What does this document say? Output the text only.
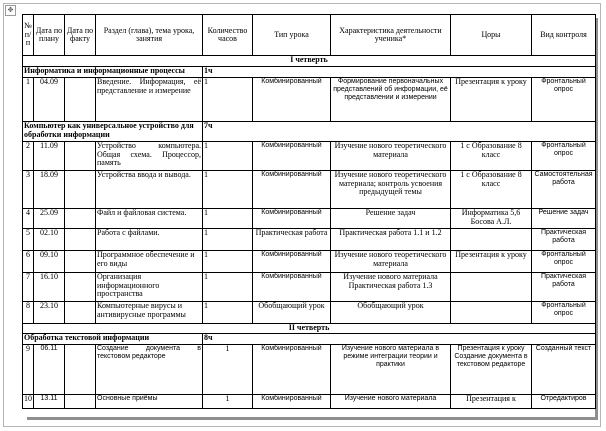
✥
№ п/п	Дата по плану	Дата по факту	Раздел (глава), тема урока, занятия	Количество часов	Тип урока	Характеристика деятельности ученика*	Цоры	Вид контроля
I четверть								
Информатика и информационные процессы				1ч				
1	04.09		Введение. Информация, её представление и измерение	1	Комбинированный	Формирование первоначальных представлений об информации, её представлении и измерении	Презентация к уроку	Фронтальный опрос
Компьютер как универсальное устройство для обработки информации				7ч				
2	11.09		Устройство компьютера. Общая схема. Процессор, память	1	Комбинированный	Изучение нового теоретического материала	1 с Образование 8 класс	Фронтальный опрос
3	18.09		Устройства ввода и вывода.	1	Комбинированный	Изучение нового теоретического материала; контроль усвоения предыдущей темы	1 с Образование 8 класс	Самостоятельная работа
4	25.09		Файл и файловая система.	1	Комбинированный	Решение задач	Информатика 5,6 Босова А.Л.	Решение задач
5	02.10		Работа с файлами.	1	Практическая работа	Практическая работа 1.1 и 1.2		Практическая работа
6	09.10		Программное обеспечение и его виды	1	Комбинированный	Изучение нового теоретического материала	Презентация к уроку	Фронтальный опрос
7	16.10		Организация информационного пространства	1	Комбинированный	Изучение нового материала Практическая работа 1.3		Практическая работа
8	23.10		Компьютерные вирусы и антивирусные программы	1	Обобщающий урок	Обобщающий урок		Фронтальный опрос
II четверть								
Обработка текстовой информации				8ч				
9	06.11		Создание документа в текстовом редакторе	1	Комбинированный	Изучение нового материала в режиме интеграции теории и практики	Презентация к уроку Создание документа в текстовом редакторе	Созданный текст
10	13.11		Основные приёмы	1	Комбинированный	Изучение нового материала	Презентация к	Отредактиров
